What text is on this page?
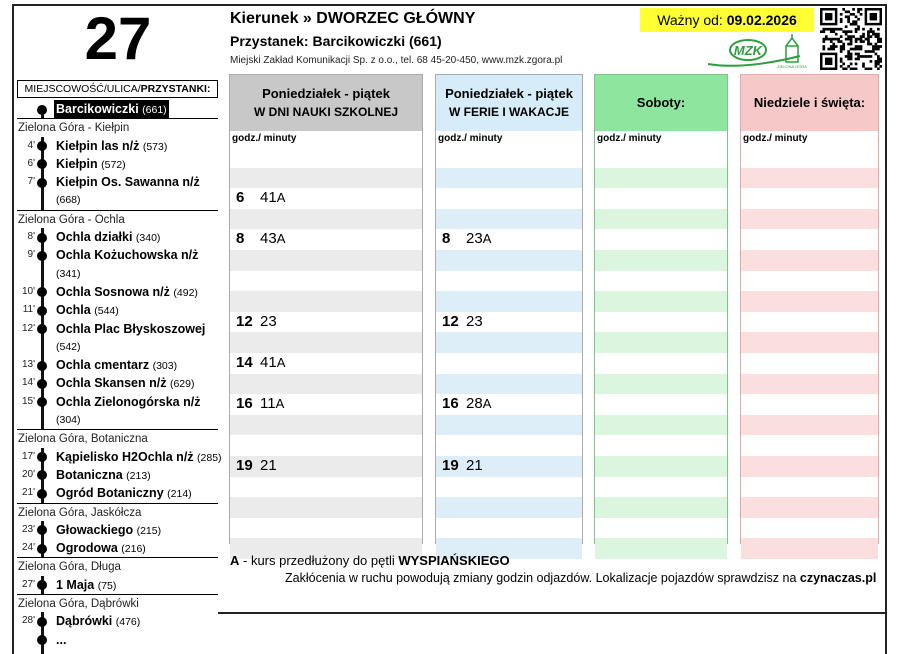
27
MIEJSCOWOŚĆ/ULICA/PRZYSTANKI:
Barcikowiczki (661)
Zielona Góra - Kiełpin
4' Kiełpin las n/ż (573)
6' Kiełpin (572)
7' Kiełpin Os. Sawanna n/ż
(668)
Zielona Góra - Ochla
8' Ochla działki (340)
9' Ochla Kożuchowska n/ż
(341)
10' Ochla Sosnowa n/ż (492)
11' Ochla (544)
12' Ochla Plac Błyskoszowej
(542)
13' Ochla cmentarz (303)
14' Ochla Skansen n/ż (629)
15' Ochla Zielonogórska n/ż
(304)
Zielona Góra, Botaniczna
17' Kąpielisko H2Ochla n/ż (285)
20' Botaniczna (213)
21' Ogród Botaniczny (214)
Zielona Góra, Jaskółcza
23' Głowackiego (215)
24' Ogrodowa (216)
Zielona Góra, Długa
27' 1 Maja (75)
Zielona Góra, Dąbrówki
28' Dąbrówki (476)
...
Kierunek » DWORZEC GŁÓWNY
Przystanek: Barcikowiczki (661)
Miejski Zakład Komunikacji Sp. z o.o., tel. 68 45-20-450, www.mzk.zgora.pl
Ważny od: 09.02.2026
MZK
ZIELONA GÓRA
Poniedziałek - piątek
W DNI NAUKI SZKOLNEJ
godz./ minuty
6 41A
8 43A
12 23
14 41A
16 11A
19 21
Poniedziałek - piątek
W FERIE I WAKACJE
godz./ minuty
8 23A
12 23
16 28A
19 21
Soboty:
godz./ minuty
Niedziele i święta:
godz./ minuty
A - kurs przedłużony do pętli WYSPIAŃSKIEGO
Zakłócenia w ruchu powodują zmiany godzin odjazdów. Lokalizacje pojazdów sprawdzisz na czynaczas.pl
